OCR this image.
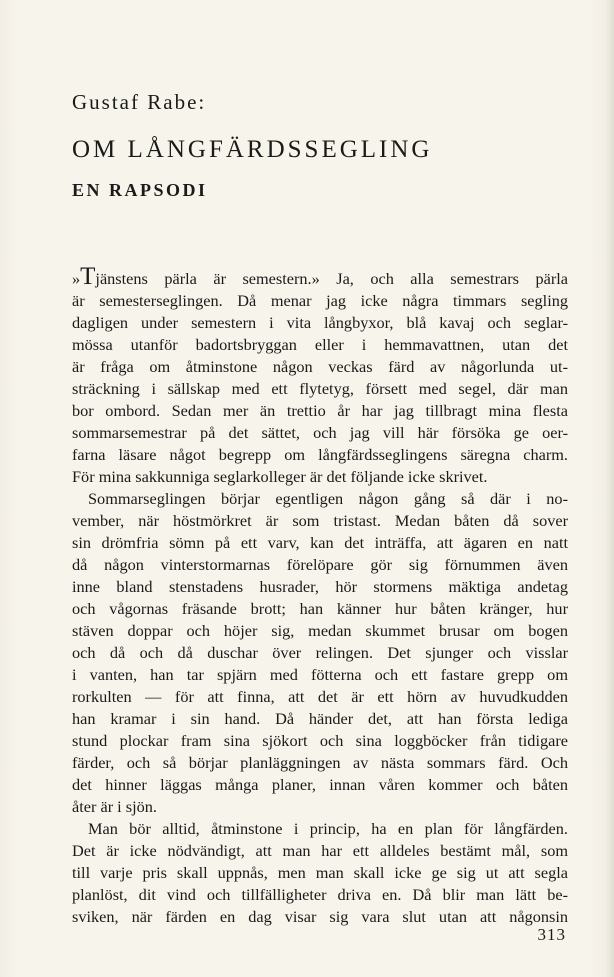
Gustaf Rabe:
OM LÅNGFÄRDSSEGLING
EN RAPSODI
»Tjänstens pärla är semestern.» Ja, och alla semestrars pärla
är semesterseglingen. Då menar jag icke några timmars segling
dagligen under semestern i vita långbyxor, blå kavaj och seglar-
mössa utanför badortsbryggan eller i hemmavattnen, utan det
är fråga om åtminstone någon veckas färd av någorlunda ut-
sträckning i sällskap med ett flytetyg, försett med segel, där man
bor ombord. Sedan mer än trettio år har jag tillbragt mina flesta
sommarsemestrar på det sättet, och jag vill här försöka ge oer-
farna läsare något begrepp om långfärdsseglingens säregna charm.
För mina sakkunniga seglarkolleger är det följande icke skrivet.
Sommarseglingen börjar egentligen någon gång så där i no-
vember, när höstmörkret är som tristast. Medan båten då sover
sin drömfria sömn på ett varv, kan det inträffa, att ägaren en natt
då någon vinterstormarnas förelöpare gör sig förnummen även
inne bland stenstadens husrader, hör stormens mäktiga andetag
och vågornas fräsande brott; han känner hur båten kränger, hur
stäven doppar och höjer sig, medan skummet brusar om bogen
och då och då duschar över relingen. Det sjunger och visslar
i vanten, han tar spjärn med fötterna och ett fastare grepp om
rorkulten — för att finna, att det är ett hörn av huvudkudden
han kramar i sin hand. Då händer det, att han första lediga
stund plockar fram sina sjökort och sina loggböcker från tidigare
färder, och så börjar planläggningen av nästa sommars färd. Och
det hinner läggas många planer, innan våren kommer och båten
åter är i sjön.
Man bör alltid, åtminstone i princip, ha en plan för långfärden.
Det är icke nödvändigt, att man har ett alldeles bestämt mål, som
till varje pris skall uppnås, men man skall icke ge sig ut att segla
planlöst, dit vind och tillfälligheter driva en. Då blir man lätt be-
sviken, när färden en dag visar sig vara slut utan att någonsin
313
